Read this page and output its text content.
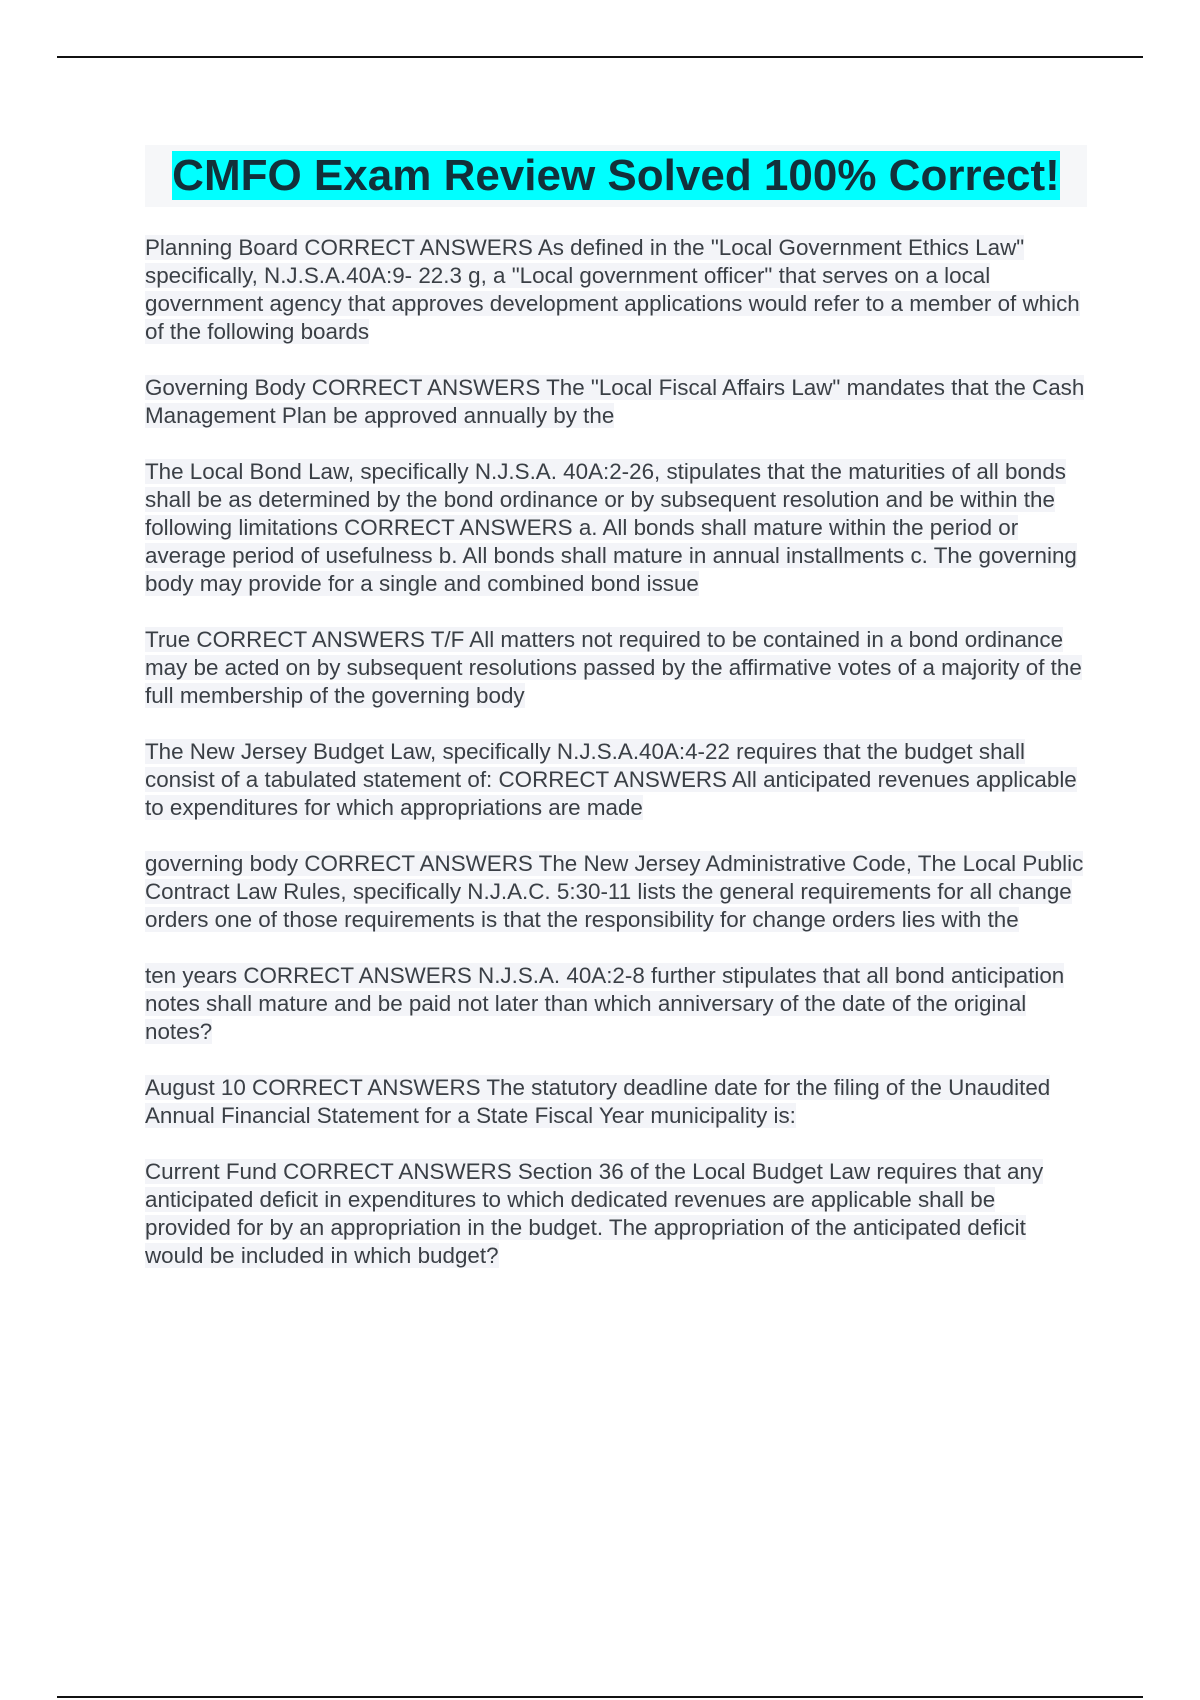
CMFO Exam Review Solved 100% Correct!

Planning Board CORRECT ANSWERS As defined in the "Local Government Ethics Law" specifically, N.J.S.A.40A:9- 22.3 g, a "Local government officer" that serves on a local government agency that approves development applications would refer to a member of which of the following boards

Governing Body CORRECT ANSWERS The "Local Fiscal Affairs Law" mandates that the Cash Management Plan be approved annually by the

The Local Bond Law, specifically N.J.S.A. 40A:2-26, stipulates that the maturities of all bonds shall be as determined by the bond ordinance or by subsequent resolution and be within the following limitations CORRECT ANSWERS a. All bonds shall mature within the period or average period of usefulness b. All bonds shall mature in annual installments c. The governing body may provide for a single and combined bond issue

True CORRECT ANSWERS T/F All matters not required to be contained in a bond ordinance may be acted on by subsequent resolutions passed by the affirmative votes of a majority of the full membership of the governing body

The New Jersey Budget Law, specifically N.J.S.A.40A:4-22 requires that the budget shall consist of a tabulated statement of: CORRECT ANSWERS All anticipated revenues applicable to expenditures for which appropriations are made

governing body CORRECT ANSWERS The New Jersey Administrative Code, The Local Public Contract Law Rules, specifically N.J.A.C. 5:30-11 lists the general requirements for all change orders one of those requirements is that the responsibility for change orders lies with the

ten years CORRECT ANSWERS N.J.S.A. 40A:2-8 further stipulates that all bond anticipation notes shall mature and be paid not later than which anniversary of the date of the original notes?

August 10 CORRECT ANSWERS The statutory deadline date for the filing of the Unaudited Annual Financial Statement for a State Fiscal Year municipality is:

Current Fund CORRECT ANSWERS Section 36 of the Local Budget Law requires that any anticipated deficit in expenditures to which dedicated revenues are applicable shall be provided for by an appropriation in the budget. The appropriation of the anticipated deficit would be included in which budget?
